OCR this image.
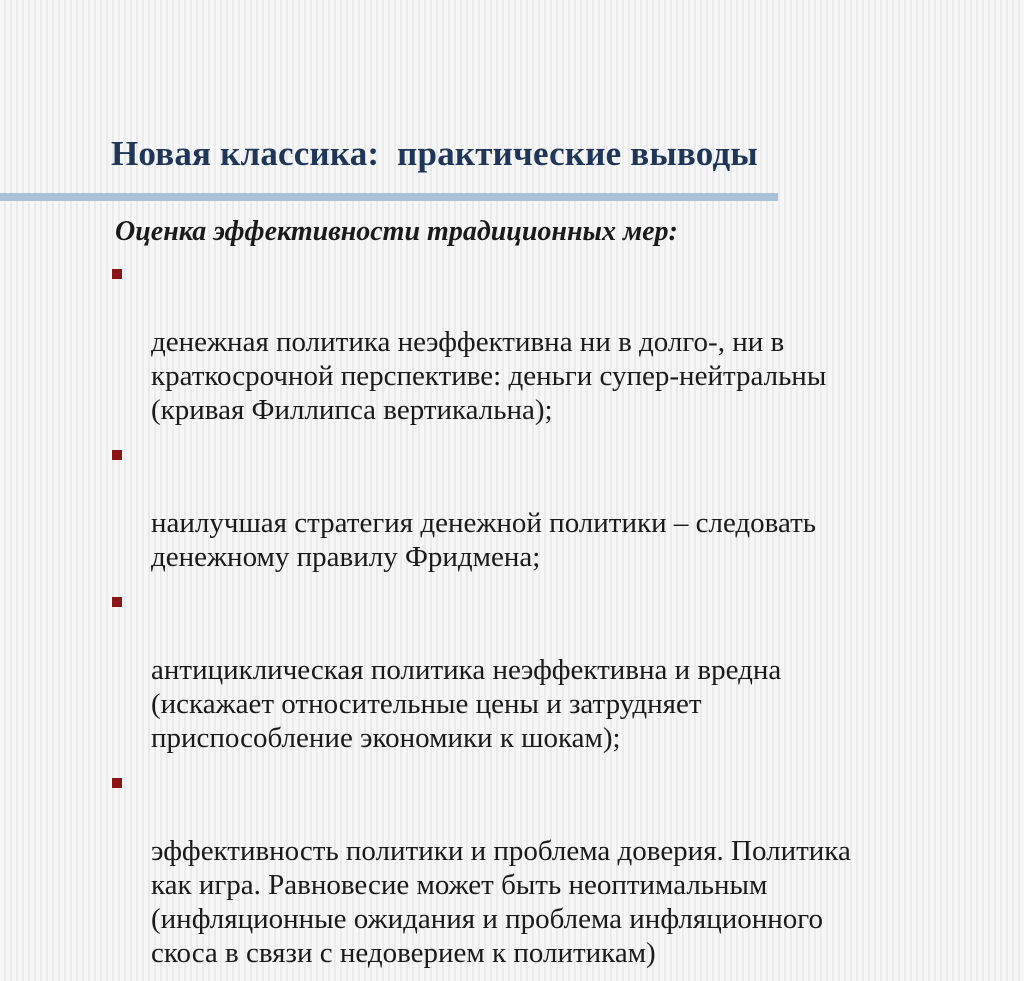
Новая классика:  практические выводы
Оценка эффективности традиционных мер:

денежная политика неэффективна ни в долго-, ни в
краткосрочной перспективе: деньги супер-нейтральны
(кривая Филлипса вертикальна);

наилучшая стратегия денежной политики – следовать
денежному правилу Фридмена;

антициклическая политика неэффективна и вредна
(искажает относительные цены и затрудняет
приспособление экономики к шокам);

эффективность политики и проблема доверия. Политика
как игра. Равновесие может быть неоптимальным
(инфляционные ожидания и проблема инфляционного
скоса в связи с недоверием к политикам)
